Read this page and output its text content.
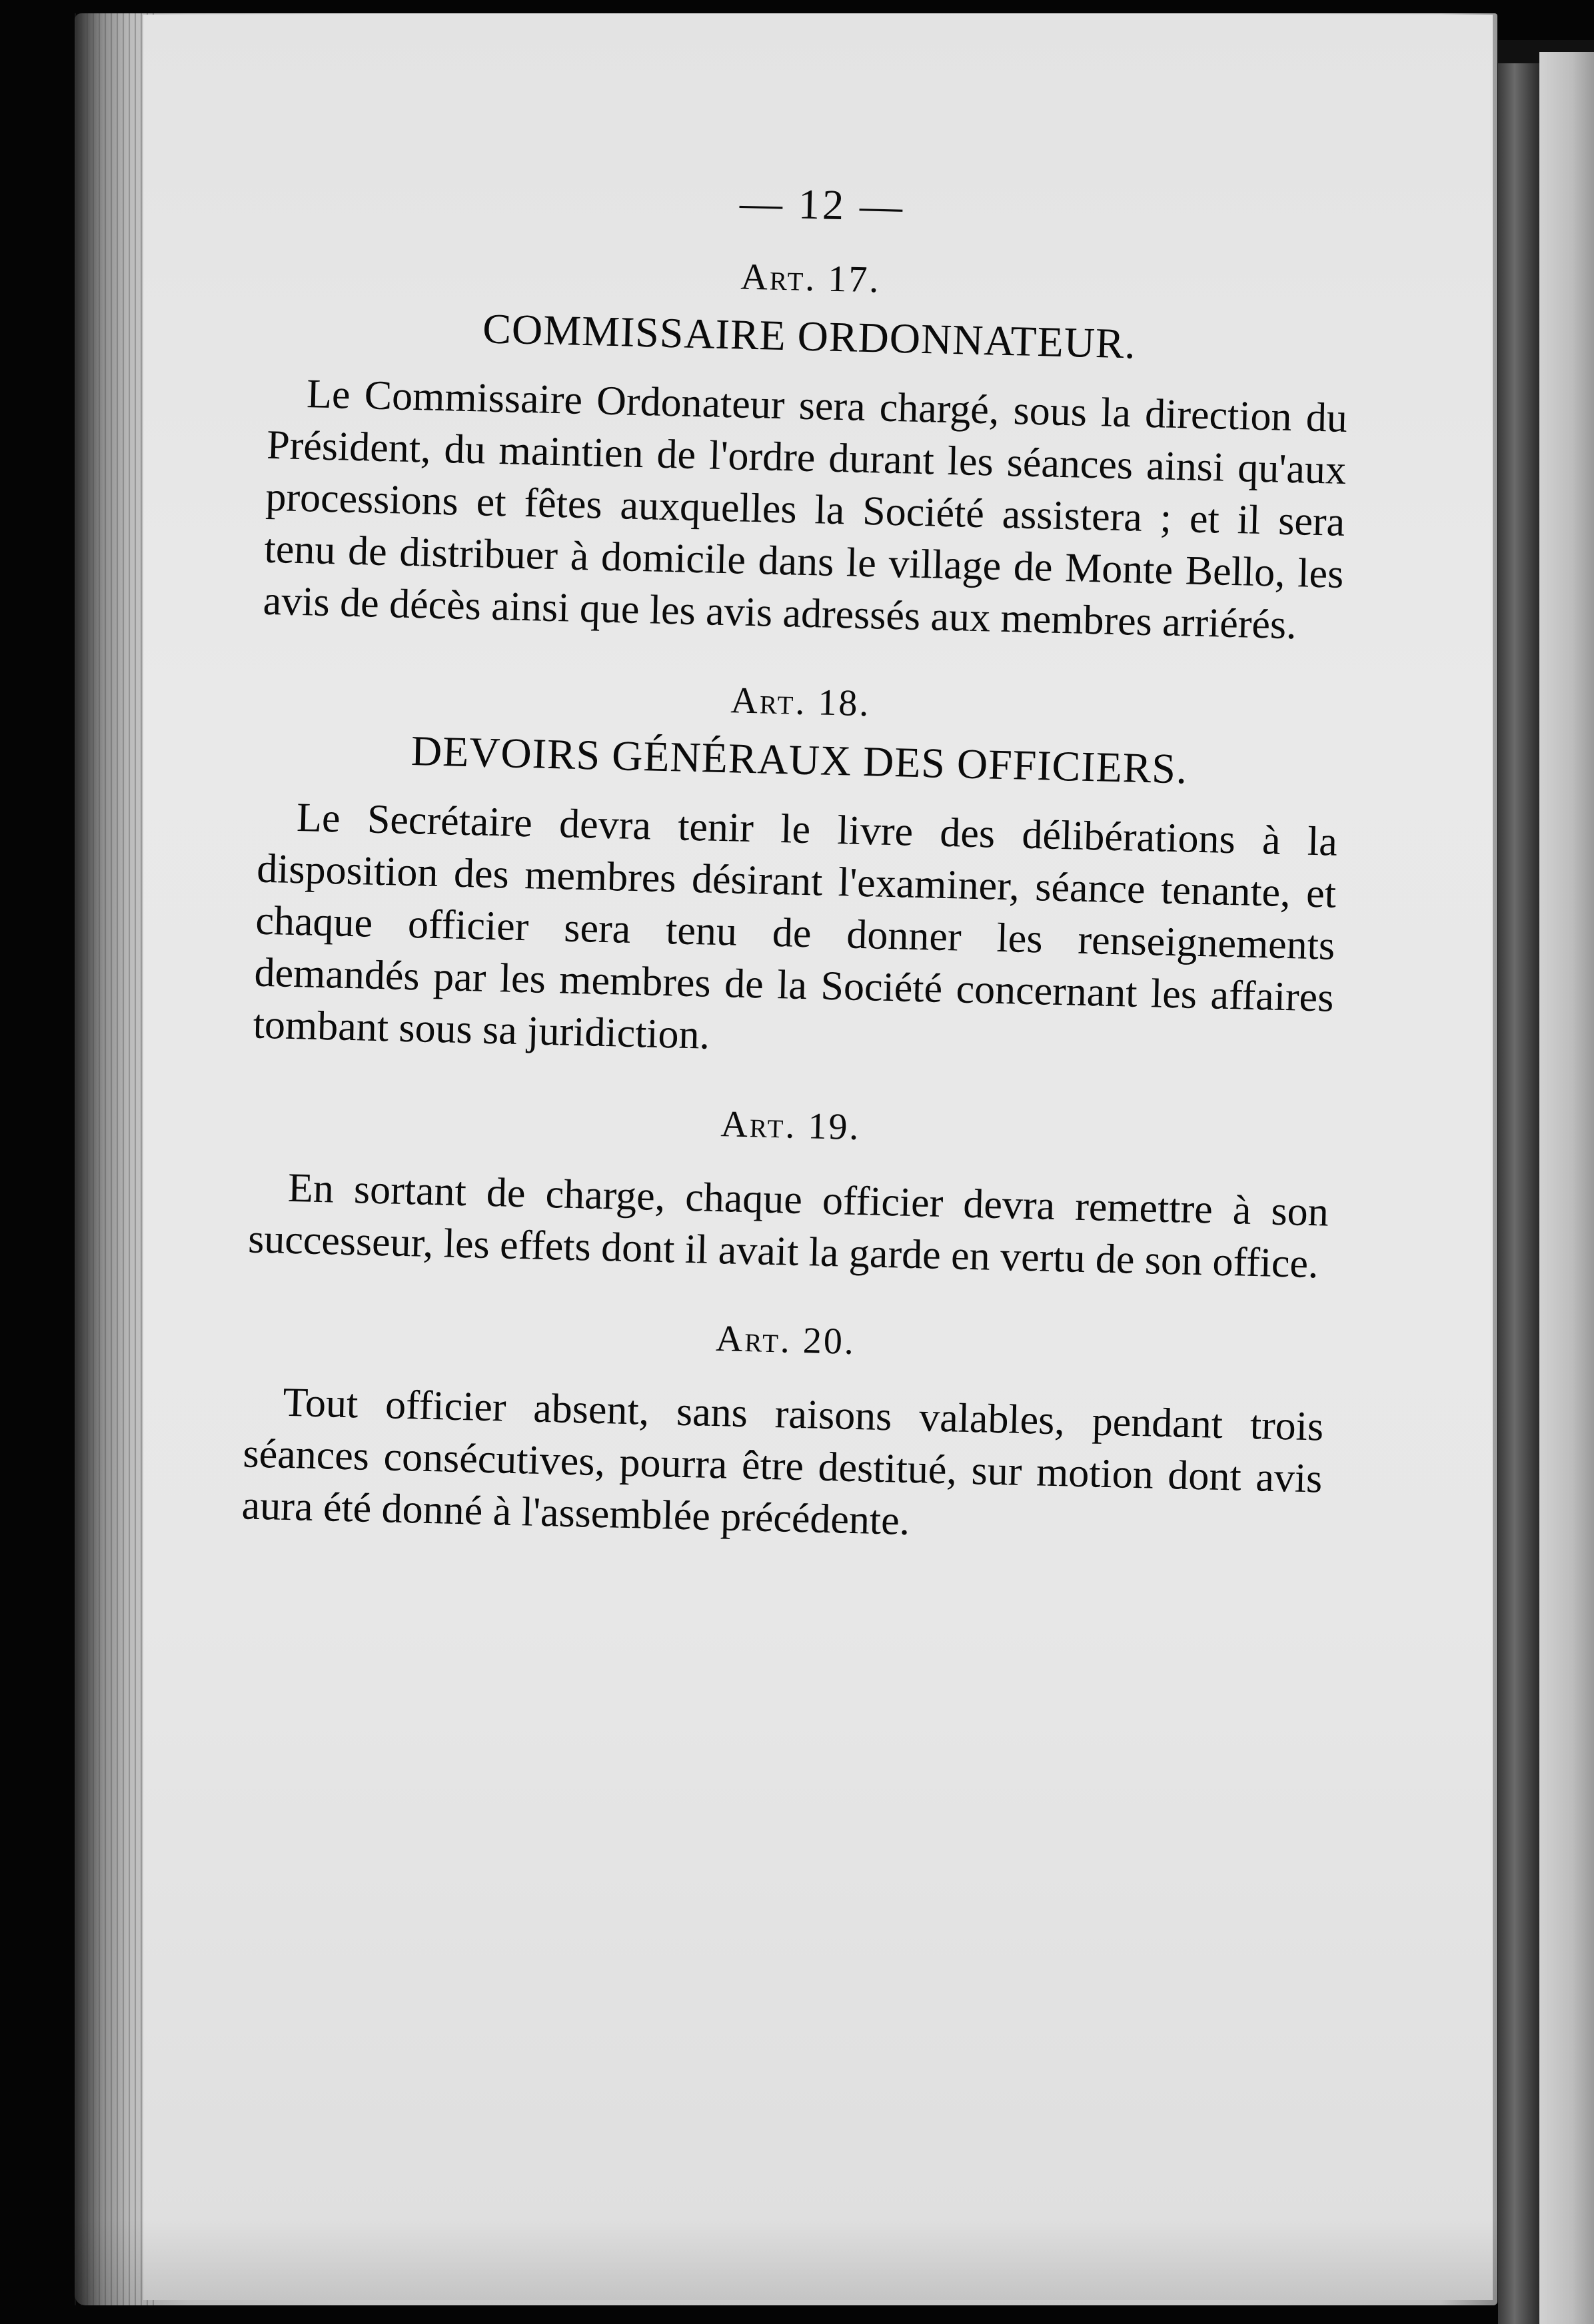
— 12 —
Art. 17.
COMMISSAIRE ORDONNATEUR.

Le Commissaire Ordonateur sera chargé, sous la direction du Président, du maintien de l'ordre durant les séances ainsi qu'aux processions et fêtes auxquelles la Société assistera ; et il sera tenu de distribuer à domicile dans le village de Monte Bello, les avis de décès ainsi que les avis adressés aux membres arriérés.

Art. 18.
DEVOIRS GÉNÉRAUX DES OFFICIERS.

Le Secrétaire devra tenir le livre des délibérations à la disposition des membres désirant l'examiner, séance tenante, et chaque officier sera tenu de donner les renseignements demandés par les membres de la Société concernant les affaires tombant sous sa juridiction.

Art. 19.

En sortant de charge, chaque officier devra remettre à son successeur, les effets dont il avait la garde en vertu de son office.

Art. 20.

Tout officier absent, sans raisons valables, pendant trois séances consécutives, pourra être destitué, sur motion dont avis aura été donné à l'assemblée précédente.
